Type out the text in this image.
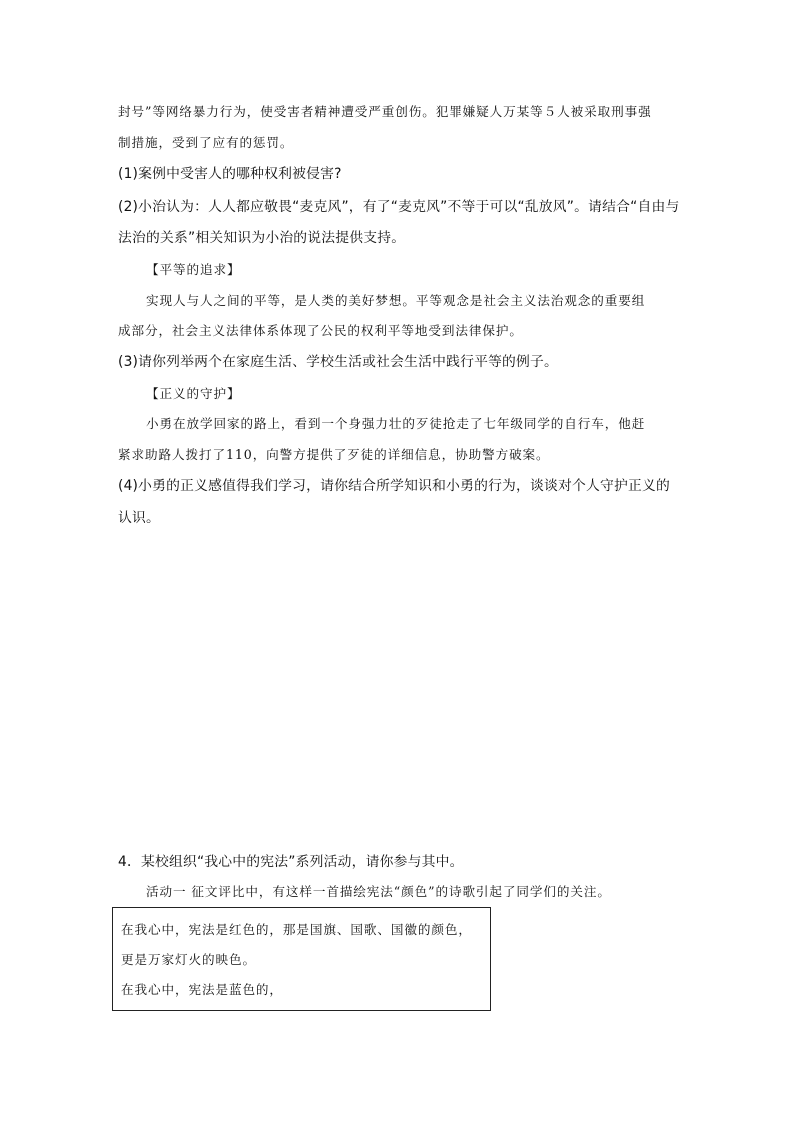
封号”等网络暴力行为，使受害者精神遭受严重创伤。犯罪嫌疑人万某等５人被采取刑事强
制措施，受到了应有的惩罚。
(1)案例中受害人的哪种权利被侵害?
(2)小治认为：人人都应敬畏“麦克风”，有了“麦克风”不等于可以“乱放风”。请结合“自由与
法治的关系”相关知识为小治的说法提供支持。
【平等的追求】
实现人与人之间的平等，是人类的美好梦想。平等观念是社会主义法治观念的重要组
成部分，社会主义法律体系体现了公民的权利平等地受到法律保护。
(3)请你列举两个在家庭生活、学校生活或社会生活中践行平等的例子。
【正义的守护】
小勇在放学回家的路上，看到一个身强力壮的歹徒抢走了七年级同学的自行车，他赶
紧求助路人拨打了110，向警方提供了歹徒的详细信息，协助警方破案。
(4)小勇的正义感值得我们学习，请你结合所学知识和小勇的行为，谈谈对个人守护正义的
认识。
4．某校组织“我心中的宪法”系列活动，请你参与其中。
活动一 征文评比中，有这样一首描绘宪法“颜色”的诗歌引起了同学们的关注。
在我心中，宪法是红色的，那是国旗、国歌、国徽的颜色，
更是万家灯火的映色。
在我心中，宪法是蓝色的，
